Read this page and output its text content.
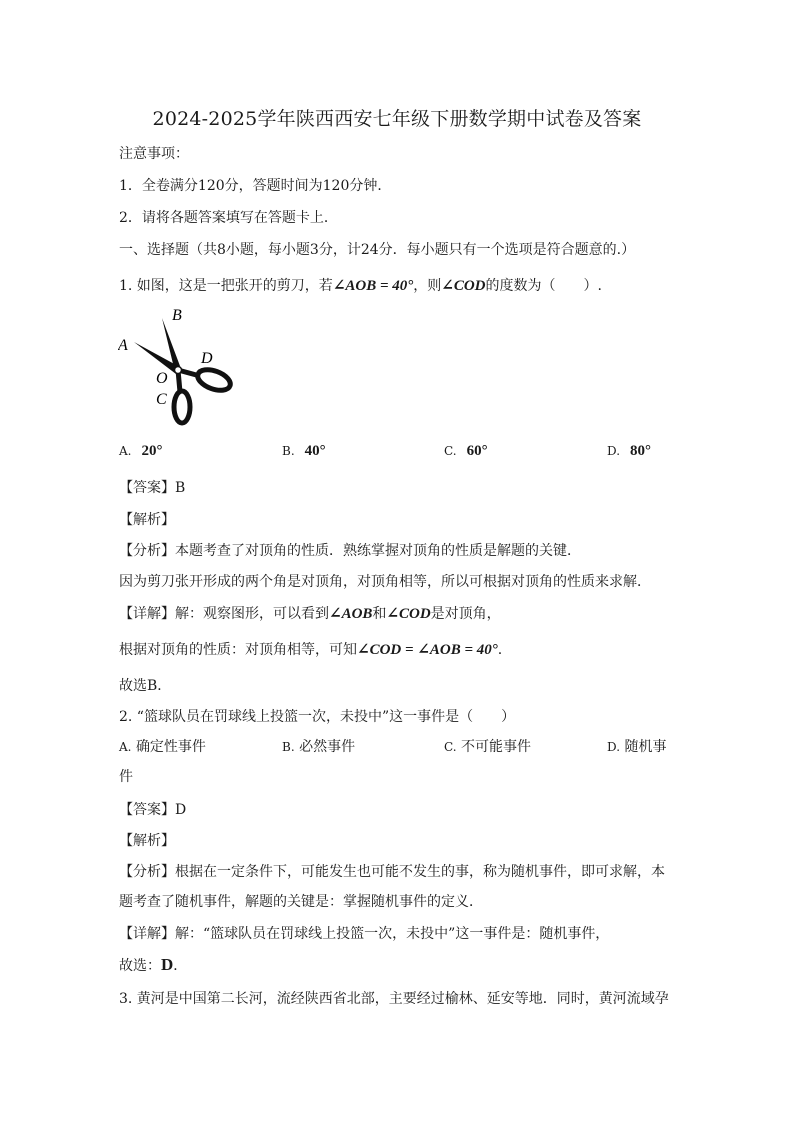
2024-2025学年陕西西安七年级下册数学期中试卷及答案
注意事项：
1．全卷满分120分，答题时间为120分钟．
2．请将各题答案填写在答题卡上．
一、选择题（共8小题，每小题3分，计24分．每小题只有一个选项是符合题意的.）
1. 如图，这是一把张开的剪刀，若∠AOB = 40°，则∠COD的度数为（　　）.
A
B
C
D
O
A. 20°	B. 40°	C. 60°	D. 80°
【答案】B
【解析】
【分析】本题考查了对顶角的性质．熟练掌握对顶角的性质是解题的关键．
因为剪刀张开形成的两个角是对顶角，对顶角相等，所以可根据对顶角的性质来求解．
【详解】解：观察图形，可以看到∠AOB和∠COD是对顶角，
根据对顶角的性质：对顶角相等，可知∠COD = ∠AOB = 40°.
故选B．
2. “篮球队员在罚球线上投篮一次，未投中”这一事件是（　　）
A. 确定性事件	B. 必然事件	C. 不可能事件	D. 随机事
件
【答案】D
【解析】
【分析】根据在一定条件下，可能发生也可能不发生的事，称为随机事件，即可求解，本
题考查了随机事件，解题的关键是：掌握随机事件的定义．
【详解】解：“篮球队员在罚球线上投篮一次，未投中”这一事件是：随机事件，
故选：D．
3. 黄河是中国第二长河，流经陕西省北部，主要经过榆林、延安等地．同时，黄河流域孕
